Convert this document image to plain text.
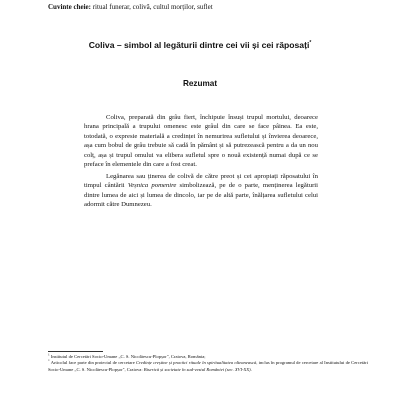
Cuvinte cheie: ritual funerar, colivă, cultul morților, suflet
Coliva – simbol al legăturii dintre cei vii și cei răposați*
Rezumat

Coliva, preparată din grâu fiert, închipuie însuși trupul mortului, deoarece hrana principală a trupului omenesc este grâul din care se face pâinea. Ea este, totodată, o expresie materială a credinței în nemurirea sufletului și învierea deoarece, așa cum bobul de grâu trebuie să cadă în pământ și să putrezească pentru a da un nou colț, așa și trupul omului va elibera sufletul spre o nouă existență numai după ce se preface în elementele din care a fost creat.

Legănarea sau ținerea de colivă de către preot și cei apropiați răposatului în timpul cântării Veșnica pomenire simbolizează, pe de o parte, menținerea legăturii dintre lumea de aici și lumea de dincolo, iar pe de altă parte, înălțarea sufletului celui adormit către Dumnezeu.

$^1$ Institutul de Cercetări Socio-Umane „C. S. Nicolăescu-Plopșor", Craiova, România;

* Articolul face parte din proiectul de cercetare Credințe creștine și practici rituale în spiritualitatea olteanească, inclus în programul de cercetare al Institutului de Cercetări Socio-Umane „C. S. Nicolăescu-Plopșor", Craiova: Biserică și societate în sud-vestul României (sec. XVI-XX).
